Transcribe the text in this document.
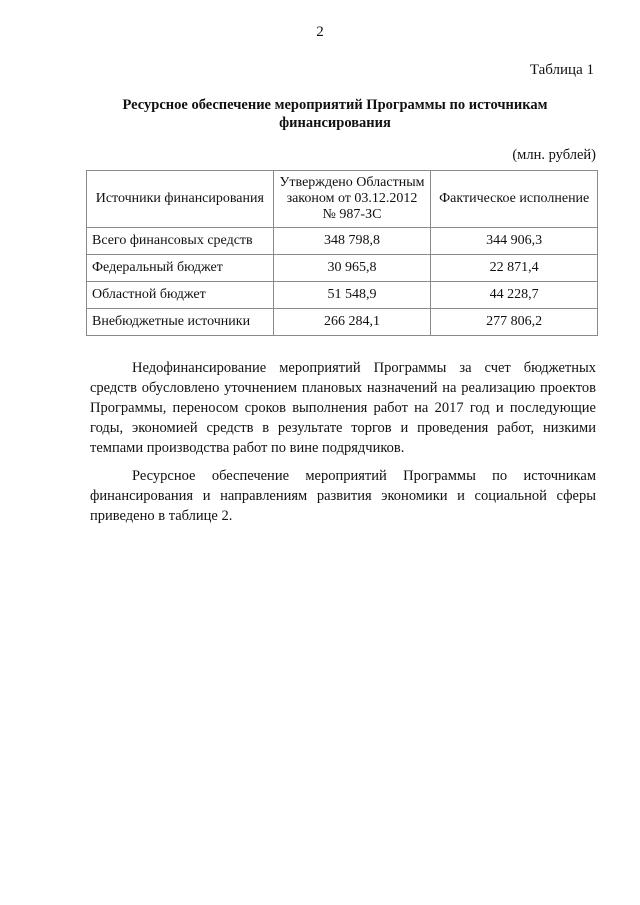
2
Таблица 1
Ресурсное обеспечение мероприятий Программы по источникам финансирования
(млн. рублей)
Источники финансирования	Утверждено Областным законом от 03.12.2012 № 987-ЗС	Фактическое исполнение
Всего финансовых средств	348 798,8	344 906,3
Федеральный бюджет	30 965,8	22 871,4
Областной бюджет	51 548,9	44 228,7
Внебюджетные источники	266 284,1	277 806,2

Недофинансирование мероприятий Программы за счет бюджетных средств обусловлено уточнением плановых назначений на реализацию проектов Программы, переносом сроков выполнения работ на 2017 год и последующие годы, экономией средств в результате торгов и проведения работ, низкими темпами производства работ по вине подрядчиков.

Ресурсное обеспечение мероприятий Программы по источникам финансирования и направлениям развития экономики и социальной сферы приведено в таблице 2.
